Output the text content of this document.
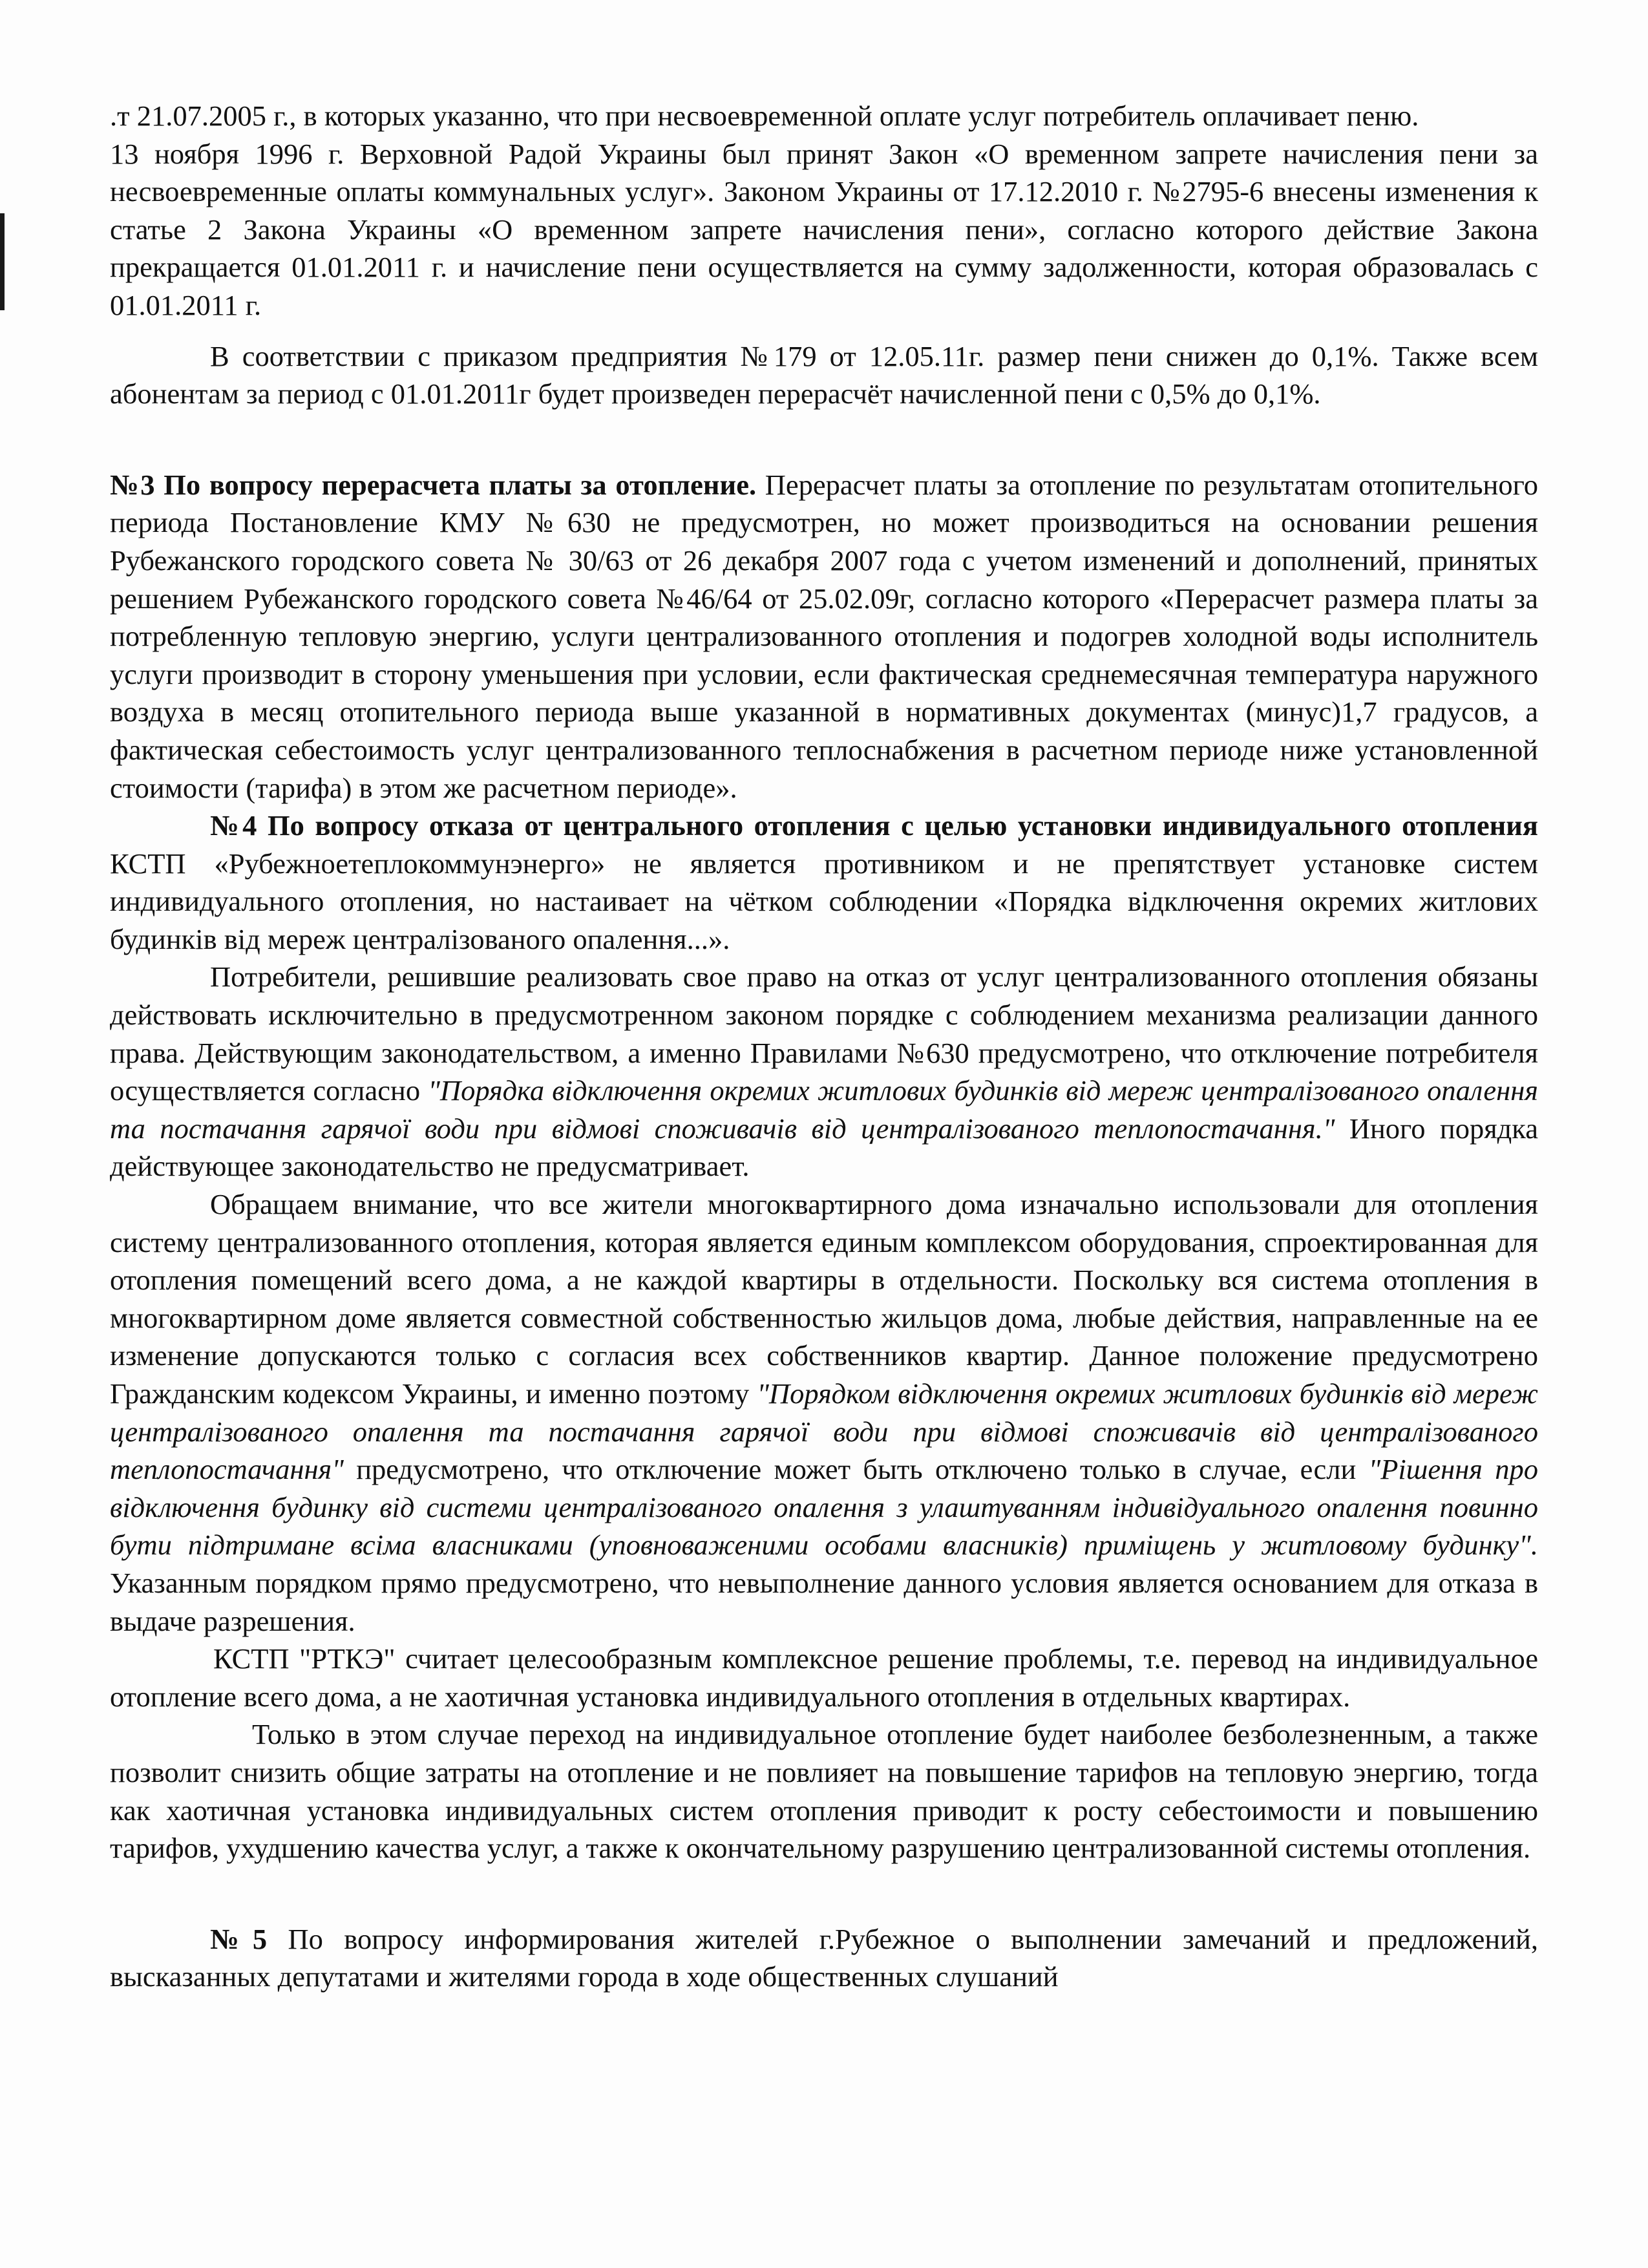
.т 21.07.2005 г., в которых указанно, что при несвоевременной оплате услуг потребитель оплачивает пеню.

13 ноября 1996 г. Верховной Радой Украины был принят Закон «О временном запрете начисления пени за несвоевременные оплаты коммунальных услуг». Законом Украины от 17.12.2010 г. №2795-6 внесены изменения к статье 2 Закона Украины «О временном запрете начисления пени», согласно которого действие Закона прекращается 01.01.2011 г. и начисление пени осуществляется на сумму задолженности, которая образовалась с 01.01.2011 г.

В соответствии с приказом предприятия №179 от 12.05.11г. размер пени снижен до 0,1%. Также всем абонентам за период с 01.01.2011г будет произведен перерасчёт начисленной пени с 0,5% до 0,1%.

№3 По вопросу перерасчета платы за отопление. Перерасчет платы за отопление по результатам отопительного периода Постановление КМУ №630 не предусмотрен, но может производиться на основании решения Рубежанского городского совета № 30/63 от 26 декабря 2007 года с учетом изменений и дополнений, принятых решением Рубежанского городского совета №46/64 от 25.02.09г, согласно которого «Перерасчет размера платы за потребленную тепловую энергию, услуги централизованного отопления и подогрев холодной воды исполнитель услуги производит в сторону уменьшения при условии, если фактическая среднемесячная температура наружного воздуха в месяц отопительного периода выше указанной в нормативных документах (минус)1,7 градусов, а фактическая себестоимость услуг централизованного теплоснабжения в расчетном периоде ниже установленной стоимости (тарифа) в этом же расчетном периоде».

№4 По вопросу отказа от центрального отопления с целью установки индивидуального отопления КСТП «Рубежноетеплокоммунэнерго» не является противником и не препятствует установке систем индивидуального отопления, но настаивает на чётком соблюдении «Порядка відключення окремих житлових будинків від мереж централізованого опалення...».

Потребители, решившие реализовать свое право на отказ от услуг централизованного отопления обязаны действовать исключительно в предусмотренном законом порядке с соблюдением механизма реализации данного права. Действующим законодательством, а именно Правилами №630 предусмотрено, что отключение потребителя осуществляется согласно "Порядка відключення окремих житлових будинків від мереж централізованого опалення та постачання гарячої води при відмові споживачів від централізованого теплопостачання." Иного порядка действующее законодательство не предусматривает.

Обращаем внимание, что все жители многоквартирного дома изначально использовали для отопления систему централизованного отопления, которая является единым комплексом оборудования, спроектированная для отопления помещений всего дома, а не каждой квартиры в отдельности. Поскольку вся система отопления в многоквартирном доме является совместной собственностью жильцов дома, любые действия, направленные на ее изменение допускаются только с согласия всех собственников квартир. Данное положение предусмотрено Гражданским кодексом Украины, и именно поэтому "Порядком відключення окремих житлових будинків від мереж централізованого опалення та постачання гарячої води при відмові споживачів від централізованого теплопостачання" предусмотрено, что отключение может быть отключено только в случае, если "Рішення про відключення будинку від системи централізованого опалення з улаштуванням індивідуального опалення повинно бути підтримане всіма власниками (уповноваженими особами власників) приміщень у житловому будинку". Указанным порядком прямо предусмотрено, что невыполнение данного условия является основанием для отказа в выдаче разрешения.

КСТП "РТКЭ" считает целесообразным комплексное решение проблемы, т.е. перевод на индивидуальное отопление всего дома, а не хаотичная установка индивидуального отопления в отдельных квартирах.

Только в этом случае переход на индивидуальное отопление будет наиболее безболезненным, а также позволит снизить общие затраты на отопление и не повлияет на повышение тарифов на тепловую энергию, тогда как хаотичная установка индивидуальных систем отопления приводит к росту себестоимости и повышению тарифов, ухудшению качества услуг, а также к окончательному разрушению централизованной системы отопления.

№5 По вопросу информирования жителей г.Рубежное о выполнении замечаний и предложений, высказанных депутатами и жителями города в ходе общественных слушаний
